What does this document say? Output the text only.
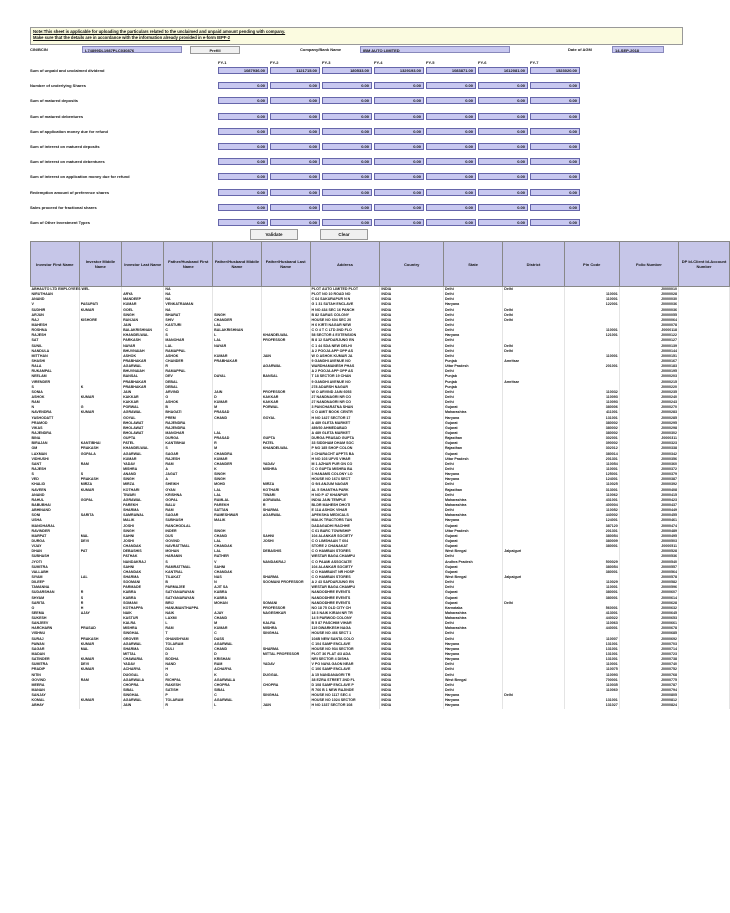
Note:This sheet is applicable for uploading the particulars related to the unclaimed and unpaid amount pending with company.
Make sure that the details are in accordance with the information already provided in e-form IEPF-2
CIN/BCIN	L74899DL1987PLC030876	Prefill	Company/Bank Name	IBM AUTO LIMITED	Date of AGM	14-SEP-2018
FY-1	FY-2	FY-3	FY-4	FY-5	FY-6	FY-7
Sum of unpaid and unclaimed dividend	1087936.00	1121715.00	180533.00	1329193.00	1083871.00	1612081.00	1523020.00
Number of underlying Shares	0.00	0.00	0.00	0.00	0.00	0.00	0.00
Sum of matured deposits	0.00	0.00	0.00	0.00	0.00	0.00	0.00
Sum of matured debentures	0.00	0.00	0.00	0.00	0.00	0.00	0.00
Sum of application money due for refund	0.00	0.00	0.00	0.00	0.00	0.00	0.00
Sum of interest on matured deposits	0.00	0.00	0.00	0.00	0.00	0.00	0.00
Sum of interest on matured debentures	0.00	0.00	0.00	0.00	0.00	0.00	0.00
Sum of interest on application money due for refund	0.00	0.00	0.00	0.00	0.00	0.00	0.00
Redemption amount of preference shares	0.00	0.00	0.00	0.00	0.00	0.00	0.00
Sales proceed for fractional shares	0.00	0.00	0.00	0.00	0.00	0.00	0.00
Sum of Other Investment Types	0.00	0.00	0.00	0.00	0.00	0.00	0.00
Validate	Clear
Investor First Name	Investor Middle Name	Investor Last Name	Father/Husband First Name	Father/Husband Middle Name	Father/Husband Last Name	Address	Country	State	District	Pin Code	Folio Number	DP Id-Client Id-Account Number
ABHAUTO LTD EMPLOYEES WEL			NA			PLOT AUTO LIMITED PLOT	INDIA	Delhi	Delhi		J0000010	
NIRUTHAAN		ARYA	NA			PLOT NO 10 ROAD NO	INDIA	Delhi		110001	J0000028	
ANAND		MANDEEP	NA			C 64 SAKURAPUR N N	INDIA	Delhi		110001	J0000030	
V	PASUPATI	KUMAR	VENKATRAMAN			G 1 31 SUTAH ENCLAVE	INDIA	Haryana		122001	J0000036	
SUDHIR	KUMAR	GOEL	NA			H NO 434 SEC 16 PANCH	INDIA	Delhi	Delhi		J0000036	
ARJUN		SINGH	BHARAT	SINGH		B 82 SARAS COLONY	INDIA	Delhi	Delhi		J0000055	
RAJ	KISHORE	RANJAN	SHIV	CHANDER		HOUSE NO 604 SEC 20	INDIA	Delhi	Delhi		J0000064	
MAHESH		JAIN	KASTURI	LAL		H 6 KIRTI NAGAR NEW	INDIA	Delhi			J0000078	
ROSHNA		BALAKRISHNAN	C	BALAKRISHNAN		C O 4 T C LTD 2ND FLO	INDIA	Delhi		110001	J0000118	
RAJESH		KHANDELWAL	S	L	KHANDELWAL	58 SECTOR 4 EXTENSION	INDIA	Haryana		121001	J0000122	
SAT		PARKASH	MANOHAR	LAL	PROFESSOR	B 8 12 SAFDARJUNG EN	INDIA	Delhi			J0000127	
SUNIL		NAYAR	LAL	NAYAR		C 1 44 SDA NEW DELHI	INDIA	Delhi	Delhi		J0000139	
NANDULA		BHUVNAIAH	RAMAPPAL			A 2 POOJA APP OPP AS	INDIA	Delhi	Delhi		J0000144	
MITTHAN		ASHOK	ASHOK	KUMAR	JAIN	W O ASHOK KUMAR JA	INDIA	Delhi		110001	J0000151	
SHASHI		PRABHAKAR	CHANDER	PRABHAKAR		9 GANDHI AVENUE NO	INDIA	Punjab	Amritsar		J0000167	
RALA		AGARWAL	R		AGARWAL	WARDHAMANESH PHAS	INDIA	Uttar Pradesh		201001	J0000183	
RUKAMPAL		BHUVNAIAH	RAMAPPAL			A 2 POOJA APP OPP AS	INDIA	Delhi			J0000195	
NEELAM		BANSAL	DEV	DAYAL	BANSAL	T 18 SECTOR 19 CHAN	INDIA	Punjab			J0000203	
VIRENDER		PRABHAKAR	DEBAL			9 GANDHI AVENUE NO	INDIA	Punjab	Amritsar		J0000215	
S	K	PRABHAKAR	DEBAL			278 ADARSH NAGAR	INDIA	Punjab			J0000220	
SONIA		JAIN	ARVIND	JAIN	PROFESSOR	W O ARVIND JAIN 6053	INDIA	Delhi		110032	J0000235	
ASHOK	KUMAR	KAKKAR	O	D	KAKKAR	27 NANDNAGRI NR CO	INDIA	Delhi		110093	J0000240	
RAM		KAKKAR	ASHOK	KUMAR	KAKKAR	27 NANDNAGRI NR CO	INDIA	Delhi		110093	J0000243	
N	G	PORWAL	B	M	PORWAL	3 PANCHARATNA SHAN	INDIA	Gujarat		380006	J0000270	
NAVENDRA	KUMAR	AGRAWAL	BHAGATI	PRASAD		C O AMIT BOOK CENTR	INDIA	Maharashtra		411001	J0000283	
YASHODATT		GOYAL	PREM	CHAND	GOYAL	H NO 1427 SECTOR 17	INDIA	Haryana		131001	J0000285	
PRAMOD		BHOLAWAT	RAJENDRA			A 489 GLETA MARKET	INDIA	Gujarat		380002	J0000295	
VIKAS		BHOLAWAT	RAJENDRA			489/30 AHMEDABAD	INDIA	Gujarat		380002	J0000298	
RAJENDRA		BHOLAWAT	MANOHAR	LAL		A 489 GLETA MARKET	INDIA	Gujarat		380002	J0000302	
BINA		GUPTA	DURGA	PRASAD	GUPTA	DURGA PRASAD GUPTA	INDIA	Rajasthan		302001	J0000311	
BIRAJAN	KANTIBHAI	PATEL	KANTIBHAI	R	PATEL	33 SIDDHAM DHAM SOC	INDIA	Gujarat		390002	J0000323	
OM	PRAKASH	KHANDELWAL	S	M	KHANDELWAL	P NO 185 SHOP COLON	INDIA	Rajasthan		302012	J0000338	
LAXMAN	GOPALA	AGARWAL	SAGAR	CHANDRA		2 CHARACHT APPTS BA	INDIA	Gujarat		380014	J0000342	
VIDHUSHI		KUMAR	RAJESH	KUMAR		H NO 103 UPVS VIHAR	INDIA	Uttar Pradesh		201301	J0000356	
SANT	RAM	YADAV	RAM	CHANDER	YADAV	M 1 AZHAR PUR ON CO	INDIA	Delhi		110054	J0000360	
RAJESH		MISHRA	A	K	MISHRA	C O GUPTA MISHRA BA	INDIA	Delhi		110001	J0000372	
S	S	ANAND	JAGAT	SINGH		3 HANAMS COLONY LO	INDIA	Haryana		125001	J0000379	
VED	PRAKASH	SINGH	A	SINGH		HOUSE NO 1674 SECT	INDIA	Haryana		124001	J0000387	
KHALID	MIRZA	MIRZA	SHEIKH	MOHD	MIRZA	O 9/4 ANJUM NAGAR	INDIA	Delhi		110025	J0000392	
NAVEEN	KUMAR	KOTHARI	GYAN	LAL	KOTHARI	AL 5 SHANTHA PARK	INDIA	Rajasthan		313001	J0000408	
ANAND		TIWARI	KRISHNA	LAL	TIWARI	H NO P 47 KHANPUR	INDIA	Delhi		110062	J0000415	
RAHUL	GOPAL	AGRAWAL	GOPAL	RAMLAL	AGRAWAL	INDIA JAIN TEMPLE	INDIA	Maharashtra		431001	J0000423	
BABUBHAI		PAREKH	BALU	PAREKH	R	BLDR MAHESH DHOTI	INDIA	Maharashtra		400004	J0000437	
ABHINAND		SHARMA	RAM	SATTAN	SHARMA	E 11A ASHOK VIHAR	INDIA	Delhi		110052	J0000449	
SONI	SARITA	SAMRAWAL	SAGAR	RAMESHWAR	AGARWAL	APEKSHA MEDICALS	INDIA	Maharashtra		440002	J0000455	
USHA		MALIK	SUBHASH	MALIK		MALIK TRACTORS TAN	INDIA	Haryana		124001	J0000461	
MANOHARAL		JOSHI	RANCHODLAL			DADAGADHI RACHHE	INDIA	Gujarat		387120	J0000474	
RAVINDER		SINGH	INDER	SINGH		C 61 BARC TOWNSHIP	INDIA	Uttar Pradesh		201301	J0000489	
MARPAT	MAL	SAHNI	DUS	CHAND	SAHNI	104 ALANKAR SOCIETY	INDIA	Gujarat		380054	J0000495	
DURGA	DEVI	JOSHI	GOVIND	LAL	JOSHI	C O LIMSHAAN T 604	INDIA	Gujarat		380009	J0000503	
VIJAY		CHANDAK	NAVRATTMAL	CHANDAK		STORE 2 CHANAKAT	INDIA	Gujarat		380001	J0000511	
DHAN	PAT	DEBASHIS	MOHAN	LAL	DEBASHIS	C O HAMBAN STORES	INDIA	West Bengal	Jalpaiguri		J0000528	
SUBHASH		PATHAK	HARANIN	RATHER		WESTAR BAGA CHAMPU	INDIA	Delhi			J0000536	
JYOTI		NANDAKRAJ	S	V	NANDAKRAJ	C O PAAMI ASSOCIATE	INDIA	Andhra Pradesh		500029	J0000540	
SUMITRA		SAHNI	RAMRATTMAL	SAHNI		104 ALANKAR SOCIETY	INDIA	Gujarat		380054	J0000557	
VALLABH		CHANDAK	KANTRAL	CHANDAK		C O HAMBANT NR HOSP	INDIA	Gujarat		380001	J0000564	
SIYAM	LAL	SHARMA	TILAKAT	NAS	SHARMA	C O HAMBAN STORES	INDIA	West Bengal	Jalpaiguri		J0000578	
DILEEP		SOOMANI	B	N	SOOMANI PROFESSOR	A 2 43 SAFDARJUNG EN	INDIA	Delhi		110029	J0000582	
TAMANNA		PARMADE	PARMAJEE	AJIT SA		WESTAR BAGA CHAMPU	INDIA	Delhi		110001	J0000596	
SUDARSHAN	R	KABRA	SATYANARAYAN	KABRA		NANDODHRE EVENTS	INDIA	Gujarat		380001	J0000607	
SHYAM	S	KABRA	SATYANARAYAN	KABRA		NANDODHRE EVENTS	INDIA	Gujarat		380001	J0000614	
SARITA	R	SOMANI	BRIJ	MOHAN	SOMANI	NANDODHRE EVENTS	INDIA	Gujarat	Delhi		J0000628	
O	H	KOTHAPPA	HANUMANTHAPPA		PROFESSOR	NO 18 75 OLD CITY CH	INDIA	Karnataka		560001	J0000632	
SEEMA	AJAY	NAIK	NAIK	AJAY	NAGESHKAR	18 3 NAIK KIRAN NR TR	INDIA	Maharashtra		413001	J0000645	
SUKESH		KASTUR	LAXMI	CHAND		14 5 PARWOD COLONY	INDIA	Maharashtra		440022	J0000653	
SANJEEV		KALRA	L	M	KALRA	B 5 87 PASCHIM VIHAR	INDIA	Delhi		110063	J0000661	
HARCHARN	PRASAD	MISHRA	RAM	KUMAR	MISHRA	119 DWARKESH NAGA	INDIA	Maharashtra		440001	J0000678	
VISHNU		SINGHAL	T	C	SINGHAL	HOUSE NO 466 SECT 1	INDIA	Delhi			J0000685	
SURAJ	PRAKASH	GROVER	GHANSHYAM	DASS		104B NEW SANTA COLO	INDIA	Delhi		110007	J0000692	
PAWAN	KUMAR	AGARWAL	TOLARAM	AGARWAL		C 104 SAMP ENCLAVE	INDIA	Haryana		131001	J0000703	
SAGAR	MAL	SHARMA	DULI	CHAND	SHARMA	HOUSE NO 934 SECTOR	INDIA	Haryana		131001	J0000714	
MADAN		MITTAL	D	D	MITTAL PROFESSOR	PLOT 36 FLAT 4/3 ADA	INDIA	Haryana		131001	J0000723	
SATINDER	KUMAR	CHAWARIA	BODHA	KRISHAN		NRI SECTOR 4 DISHA	INDIA	Haryana		131001	J0000738	
SUMITRA	DEVI	YADAV	NAND	RAM	YADAV	V PO NAYA GAON NEAR	INDIA	Delhi		110001	J0000740	
PRADIP	KUMAR	ACHARYA	H	ACHARYA		C 106 SAMP ENCLAVE	INDIA	Delhi		110075	J0000752	
NITIN		DUGGAL	D	K	DUGGAL	A 15 NANDANAGRI TR	INDIA	Delhi		110093	J0000768	
GOVIND	RAM	AGARWALA	RICHPAL	AGARWALA		38 EZRA STREET 2ND FL	INDIA	West Bengal		700001	J0000775	
MEERA		CHOPRA	RAKESH	CHOPRA	CHOPRA	D 108 SAMP ENCLAVE P	INDIA	Delhi		110035	J0000787	
MANAN		SIBAL	SATISH	SIBAL		R 766 B 1 NEW RAJINDE	INDIA	Delhi		110060	J0000794	
SANJAY		SINGHAL	P	C	SINGHAL	HOUSE NO 1117 SEC 4	INDIA	Haryana	Delhi		J0000805	
KOMAL	KUMAR	AGARWAL	TOLARAM	AGARWAL		HOUSE NO 1024 SECTOR	INDIA	Haryana		131001	J0000812	
ABHAY		JAIN	R	L	JAIN	H NO 1337 SECTOR 108	INDIA	Haryana		131027	J0000824	
